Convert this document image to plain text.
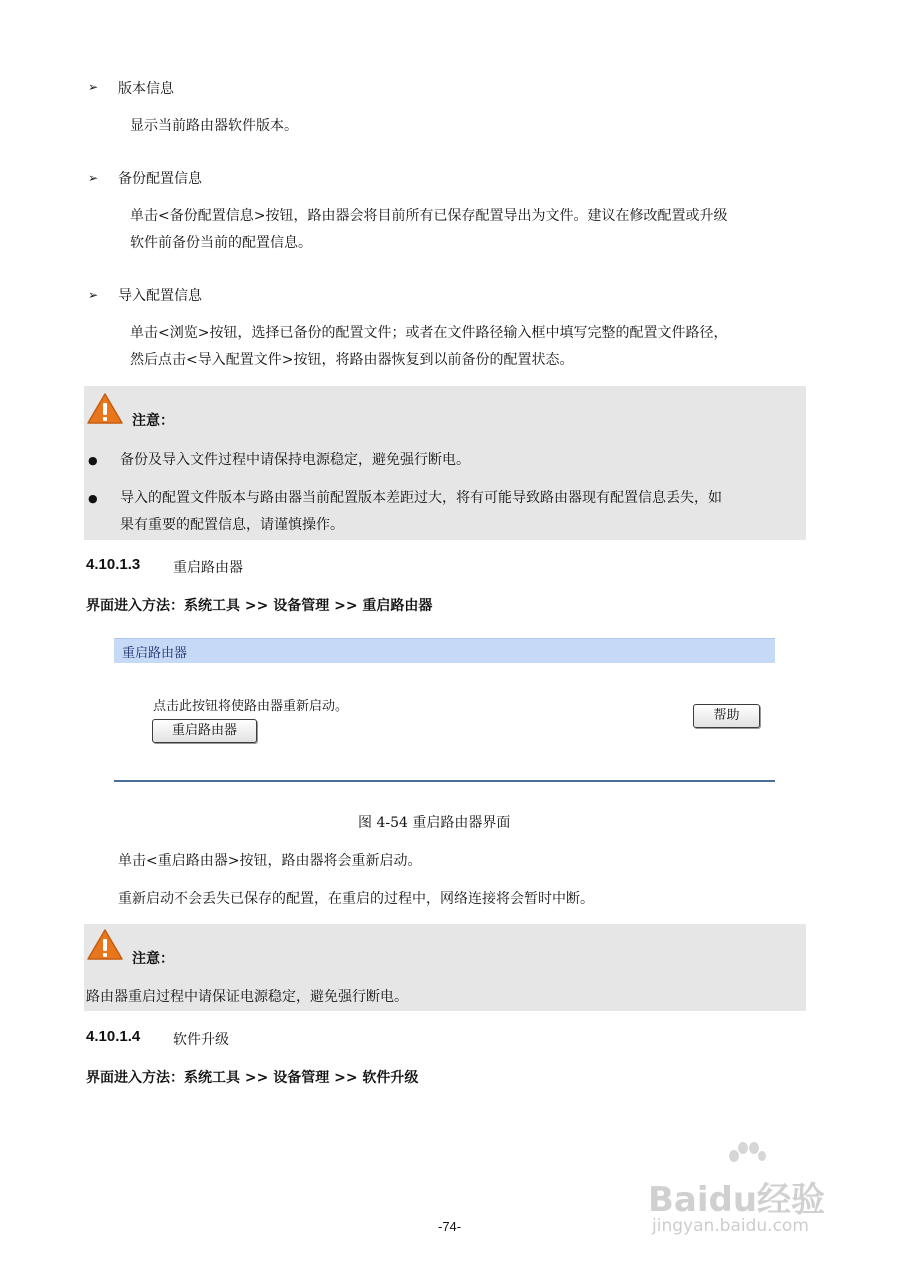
➢ 版本信息
显示当前路由器软件版本。
➢ 备份配置信息
单击<备份配置信息>按钮，路由器会将目前所有已保存配置导出为文件。建议在修改配置或升级
软件前备份当前的配置信息。
➢ 导入配置信息
单击<浏览>按钮，选择已备份的配置文件；或者在文件路径输入框中填写完整的配置文件路径，
然后点击<导入配置文件>按钮，将路由器恢复到以前备份的配置状态。
注意：
● 备份及导入文件过程中请保持电源稳定，避免强行断电。
● 导入的配置文件版本与路由器当前配置版本差距过大，将有可能导致路由器现有配置信息丢失，如
果有重要的配置信息，请谨慎操作。
4.10.1.3 重启路由器
界面进入方法：系统工具 >> 设备管理 >> 重启路由器
重启路由器
点击此按钮将使路由器重新启动。
重启路由器
帮助
图 4-54 重启路由器界面
单击<重启路由器>按钮，路由器将会重新启动。
重新启动不会丢失已保存的配置，在重启的过程中，网络连接将会暂时中断。
注意：
路由器重启过程中请保证电源稳定，避免强行断电。
4.10.1.4 软件升级
界面进入方法：系统工具 >> 设备管理 >> 软件升级
Baidu经验
jingyan.baidu.com
-74-
